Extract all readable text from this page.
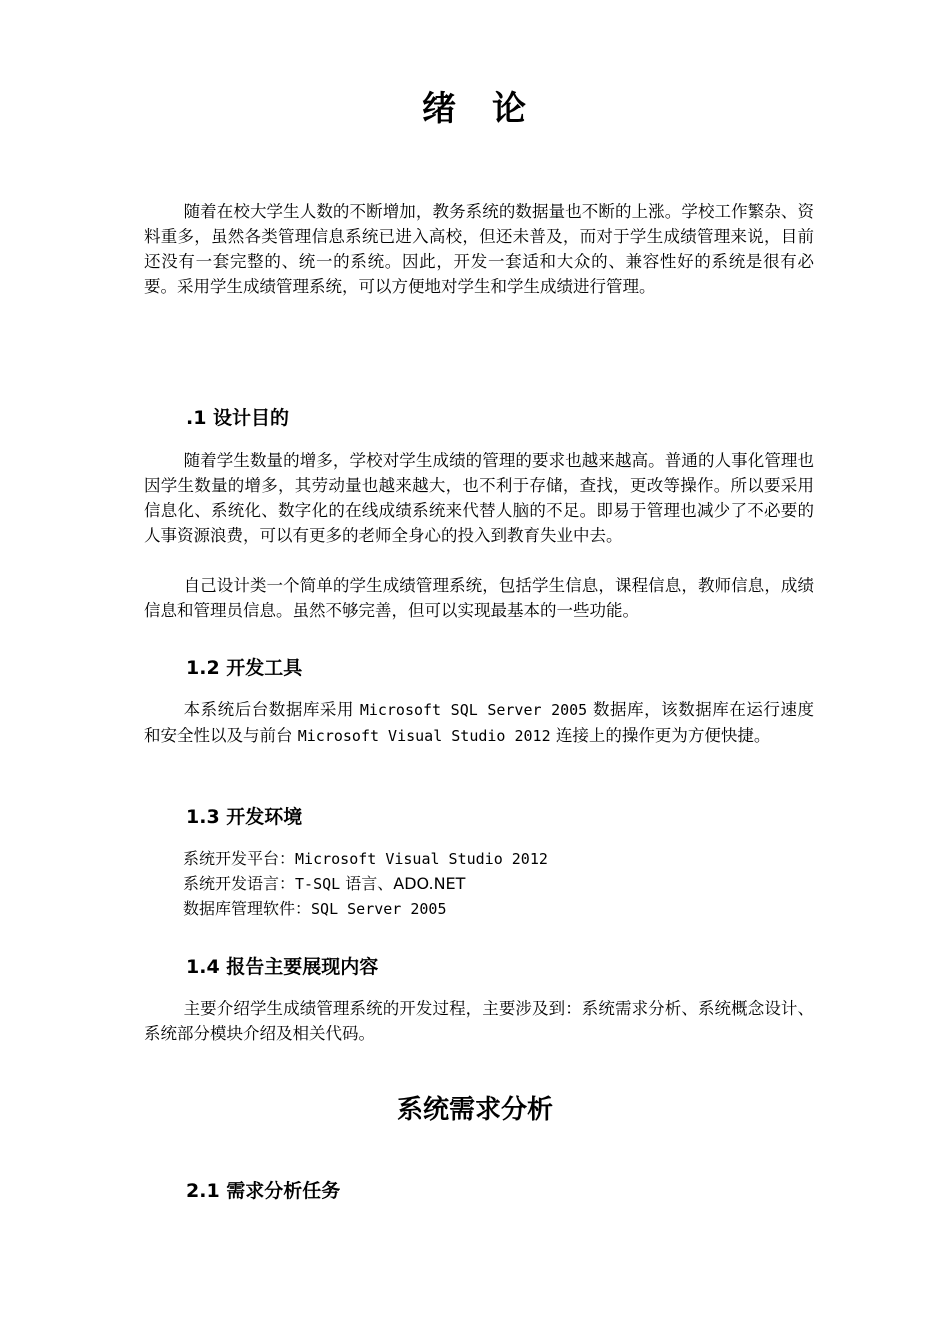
绪 论

随着在校大学生人数的不断增加，教务系统的数据量也不断的上涨。学校工作繁杂、资料重多，虽然各类管理信息系统已进入高校，但还未普及，而对于学生成绩管理来说，目前还没有一套完整的、统一的系统。因此，开发一套适和大众的、兼容性好的系统是很有必要。采用学生成绩管理系统，可以方便地对学生和学生成绩进行管理。

.1 设计目的

随着学生数量的增多，学校对学生成绩的管理的要求也越来越高。普通的人事化管理也因学生数量的增多，其劳动量也越来越大，也不利于存储，查找，更改等操作。所以要采用信息化、系统化、数字化的在线成绩系统来代替人脑的不足。即易于管理也减少了不必要的人事资源浪费，可以有更多的老师全身心的投入到教育失业中去。

自己设计类一个简单的学生成绩管理系统，包括学生信息，课程信息，教师信息，成绩信息和管理员信息。虽然不够完善，但可以实现最基本的一些功能。

1.2 开发工具

本系统后台数据库采用 Microsoft SQL Server 2005 数据库，该数据库在运行速度和安全性以及与前台 Microsoft Visual Studio 2012 连接上的操作更为方便快捷。

1.3 开发环境

系统开发平台：Microsoft Visual Studio 2012

系统开发语言：T-SQL 语言、ADO.NET

数据库管理软件：SQL Server 2005

1.4 报告主要展现内容

主要介绍学生成绩管理系统的开发过程，主要涉及到：系统需求分析、系统概念设计、系统部分模块介绍及相关代码。

系统需求分析
2.1 需求分析任务
